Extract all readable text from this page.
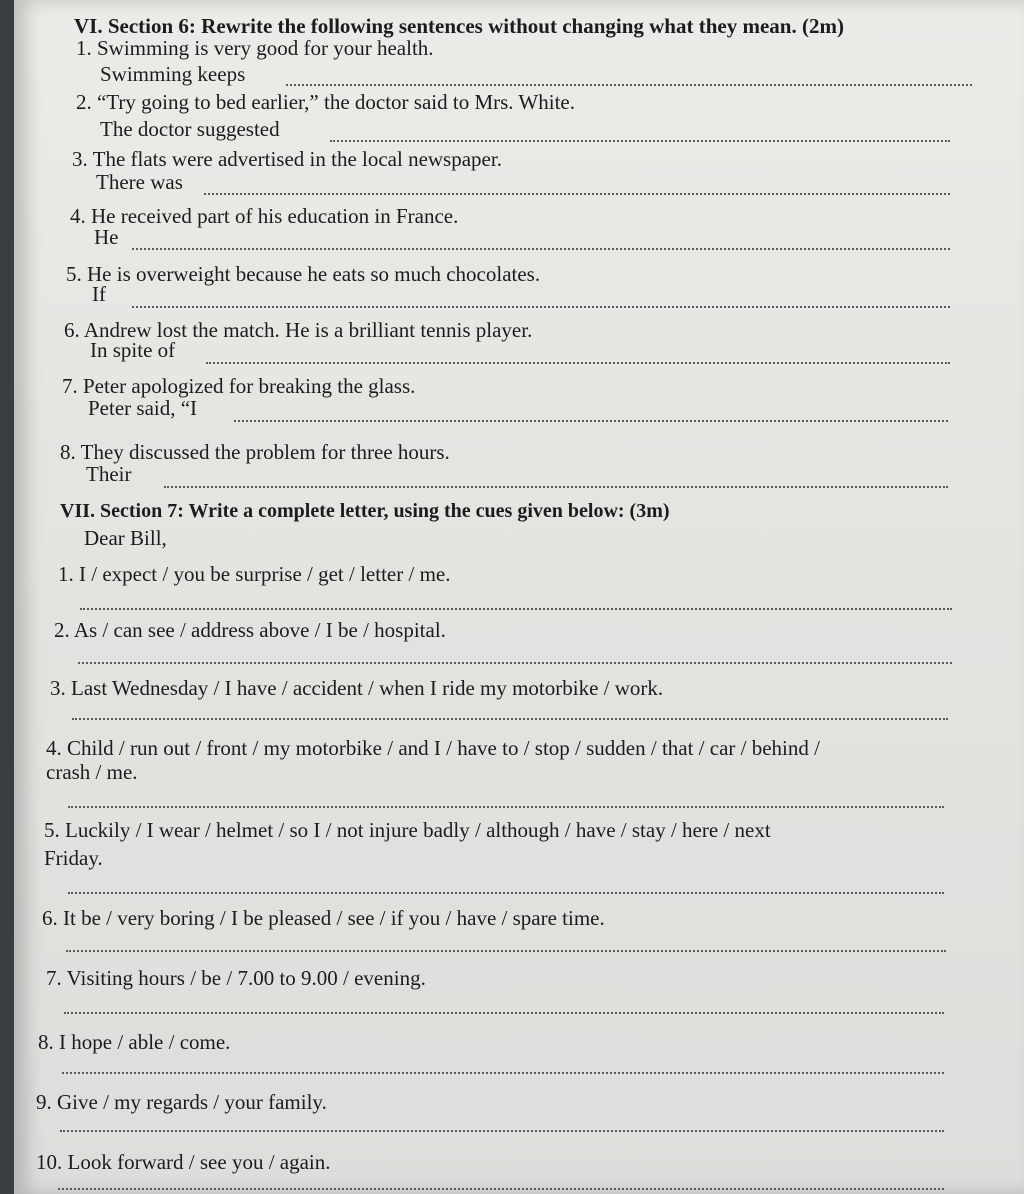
VI. Section 6: Rewrite the following sentences without changing what they mean. (2m)
1. Swimming is very good for your health.
Swimming keeps
2. “Try going to bed earlier,” the doctor said to Mrs. White.
The doctor suggested
3. The flats were advertised in the local newspaper.
There was
4. He received part of his education in France.
He
5. He is overweight because he eats so much chocolates.
If
6. Andrew lost the match. He is a brilliant tennis player.
In spite of
7. Peter apologized for breaking the glass.
Peter said, “I
8. They discussed the problem for three hours.
Their
VII. Section 7: Write a complete letter, using the cues given below: (3m)
Dear Bill,
1. I / expect / you be surprise / get / letter / me.
2. As / can see / address above / I be / hospital.
3. Last Wednesday / I have / accident / when I ride my motorbike / work.
4. Child / run out / front / my motorbike / and I / have to / stop / sudden / that / car / behind /
crash / me.
5. Luckily / I wear / helmet / so I / not injure badly / although / have / stay / here / next
Friday.
6. It be / very boring / I be pleased / see / if you / have / spare time.
7. Visiting hours / be / 7.00 to 9.00 / evening.
8. I hope / able / come.
9. Give / my regards / your family.
10. Look forward / see you / again.
